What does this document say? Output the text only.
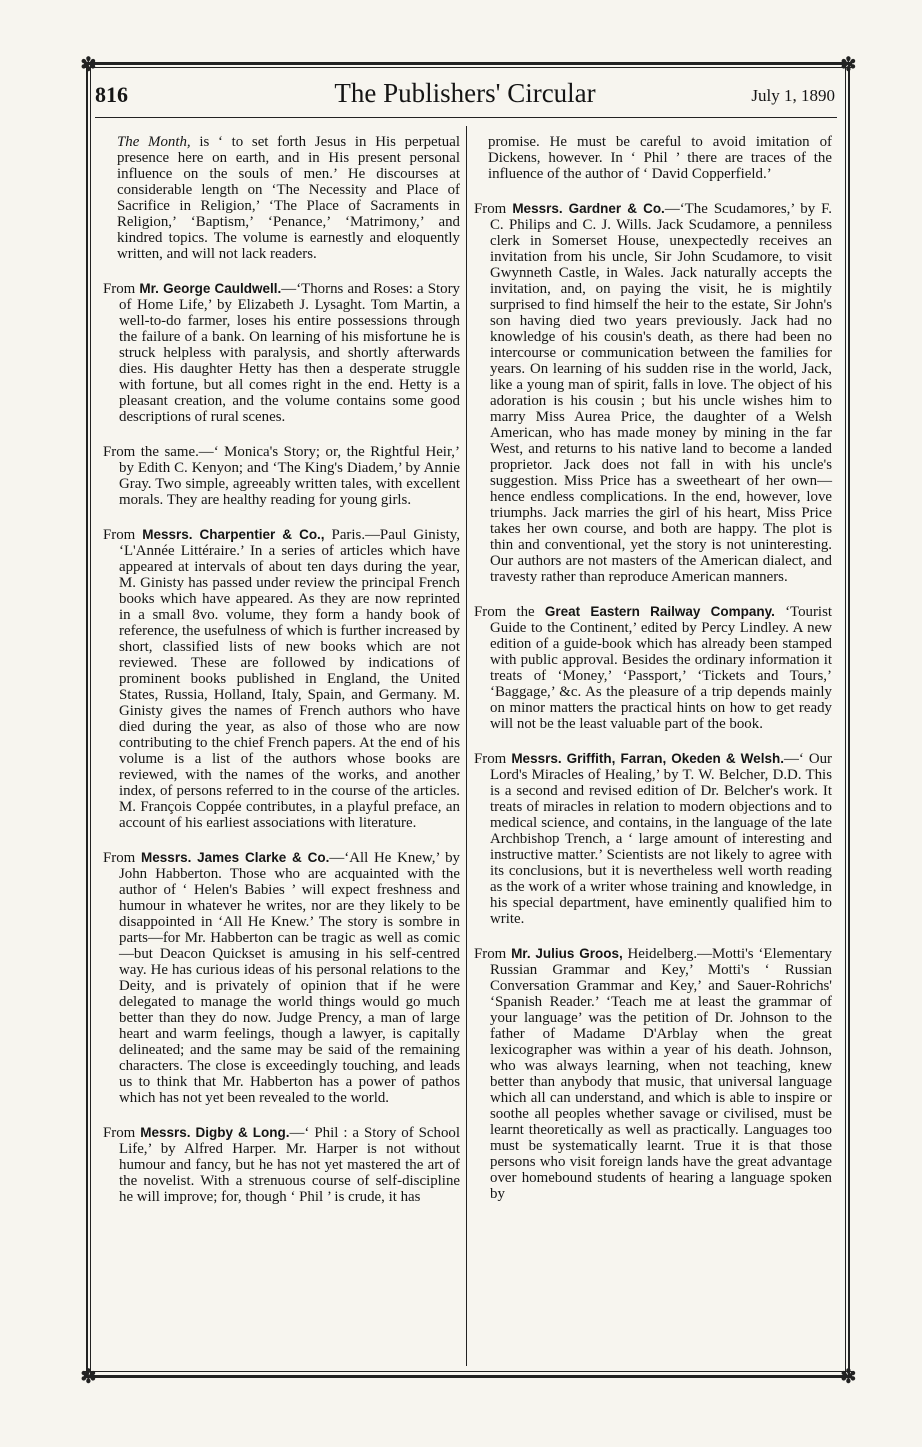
✽	✽
✽	✽
816	The Publishers' Circular	July 1, 1890

The Month, is ‘ to set forth Jesus in His perpetual presence here on earth, and in His present personal influence on the souls of men.’ He discourses at considerable length on ‘The Necessity and Place of Sacrifice in Religion,’ ‘The Place of Sacraments in Religion,’ ‘Baptism,’ ‘Penance,’ ‘Matrimony,’ and kindred topics. The volume is earnestly and eloquently written, and will not lack readers.

From Mr. George Cauldwell.—‘Thorns and Roses: a Story of Home Life,’ by Elizabeth J. Lysaght. Tom Martin, a well-to-do farmer, loses his entire possessions through the failure of a bank. On learning of his misfortune he is struck helpless with paralysis, and shortly afterwards dies. His daughter Hetty has then a desperate struggle with fortune, but all comes right in the end. Hetty is a pleasant creation, and the volume contains some good descriptions of rural scenes.

From the same.—‘ Monica's Story; or, the Rightful Heir,’ by Edith C. Kenyon; and ‘The King's Diadem,’ by Annie Gray. Two simple, agreeably written tales, with excellent morals. They are healthy reading for young girls.

From Messrs. Charpentier & Co., Paris.—Paul Ginisty, ‘L'Année Littéraire.’ In a series of articles which have appeared at intervals of about ten days during the year, M. Ginisty has passed under review the principal French books which have appeared. As they are now reprinted in a small 8vo. volume, they form a handy book of reference, the usefulness of which is further increased by short, classified lists of new books which are not reviewed. These are followed by indications of prominent books published in England, the United States, Russia, Holland, Italy, Spain, and Germany. M. Ginisty gives the names of French authors who have died during the year, as also of those who are now contributing to the chief French papers. At the end of his volume is a list of the authors whose books are reviewed, with the names of the works, and another index, of persons referred to in the course of the articles. M. François Coppée contributes, in a playful preface, an account of his earliest associations with literature.

From Messrs. James Clarke & Co.—‘All He Knew,’ by John Habberton. Those who are acquainted with the author of ‘ Helen's Babies ’ will expect freshness and humour in whatever he writes, nor are they likely to be disappointed in ‘All He Knew.’ The story is sombre in parts—for Mr. Habberton can be tragic as well as comic—but Deacon Quickset is amusing in his self-centred way. He has curious ideas of his personal relations to the Deity, and is privately of opinion that if he were delegated to manage the world things would go much better than they do now. Judge Prency, a man of large heart and warm feelings, though a lawyer, is capitally delineated; and the same may be said of the remaining characters. The close is exceedingly touching, and leads us to think that Mr. Habberton has a power of pathos which has not yet been revealed to the world.

From Messrs. Digby & Long.—‘ Phil : a Story of School Life,’ by Alfred Harper. Mr. Harper is not without humour and fancy, but he has not yet mastered the art of the novelist. With a strenuous course of self-discipline he will improve; for, though ‘ Phil ’ is crude, it has

promise. He must be careful to avoid imitation of Dickens, however. In ‘ Phil ’ there are traces of the influence of the author of ‘ David Copperfield.’

From Messrs. Gardner & Co.—‘The Scudamores,’ by F. C. Philips and C. J. Wills. Jack Scudamore, a penniless clerk in Somerset House, unexpectedly receives an invitation from his uncle, Sir John Scudamore, to visit Gwynneth Castle, in Wales. Jack naturally accepts the invitation, and, on paying the visit, he is mightily surprised to find himself the heir to the estate, Sir John's son having died two years previously. Jack had no knowledge of his cousin's death, as there had been no intercourse or communication between the families for years. On learning of his sudden rise in the world, Jack, like a young man of spirit, falls in love. The object of his adoration is his cousin ; but his uncle wishes him to marry Miss Aurea Price, the daughter of a Welsh American, who has made money by mining in the far West, and returns to his native land to become a landed proprietor. Jack does not fall in with his uncle's suggestion. Miss Price has a sweetheart of her own—hence endless complications. In the end, however, love triumphs. Jack marries the girl of his heart, Miss Price takes her own course, and both are happy. The plot is thin and conventional, yet the story is not uninteresting. Our authors are not masters of the American dialect, and travesty rather than reproduce American manners.

From the Great Eastern Railway Company. ‘Tourist Guide to the Continent,’ edited by Percy Lindley. A new edition of a guide-book which has already been stamped with public approval. Besides the ordinary information it treats of ‘Money,’ ‘Passport,’ ‘Tickets and Tours,’ ‘Baggage,’ &c. As the pleasure of a trip depends mainly on minor matters the practical hints on how to get ready will not be the least valuable part of the book.

From Messrs. Griffith, Farran, Okeden & Welsh.—‘ Our Lord's Miracles of Healing,’ by T. W. Belcher, D.D. This is a second and revised edition of Dr. Belcher's work. It treats of miracles in relation to modern objections and to medical science, and contains, in the language of the late Archbishop Trench, a ‘ large amount of interesting and instructive matter.’ Scientists are not likely to agree with its conclusions, but it is nevertheless well worth reading as the work of a writer whose training and knowledge, in his special department, have eminently qualified him to write.

From Mr. Julius Groos, Heidelberg.—Motti's ‘Elementary Russian Grammar and Key,’ Motti's ‘ Russian Conversation Grammar and Key,’ and Sauer-Rohrichs' ‘Spanish Reader.’ ‘Teach me at least the grammar of your language’ was the petition of Dr. Johnson to the father of Madame D'Arblay when the great lexicographer was within a year of his death. Johnson, who was always learning, when not teaching, knew better than anybody that music, that universal language which all can understand, and which is able to inspire or soothe all peoples whether savage or civilised, must be learnt theoretically as well as practically. Languages too must be systematically learnt. True it is that those persons who visit foreign lands have the great advantage over homebound students of hearing a language spoken by
